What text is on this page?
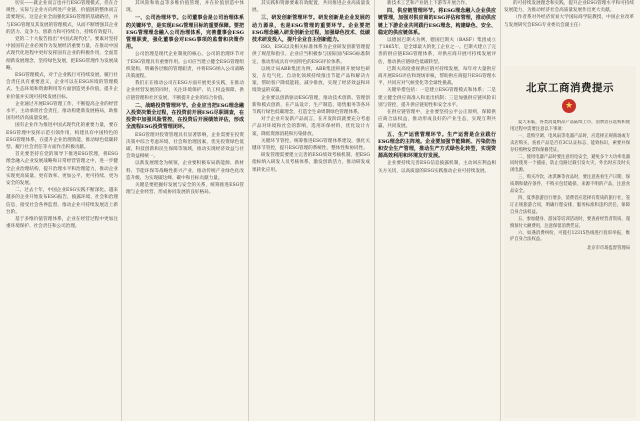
切实——就企业而言也并行ESG管理模式，但在合规性、实际与企业方向所处产业链、价值链的整体而言需要现实。这是企业全面强化ESG管理的基础路径，并与ESG管理及其发展的管理模式，从而不断增强其企业的活力、竞争力、创新力和可持续力，持续有效提升。

党的二十大报告指出“中国式现代化”。要素对坚持中国国有企业必须作为发展经济重要力量，在推动中国式现代化进程中更好发挥国有企业的积极作用，全面贯彻新发展理念，坚持绿色发展，把ESG管理作为发展战略。

ESG管理模式，对于企业践行可持续发展，履行社会责任具有重要意义，企业可以在ESG环境的管理模式、生态环境和资源利用等方面创造更多价值，提升企业价值并实现可持续发展目标。

企业通过开展ESG管理工作，不断提高企业的经营水平，主动承担社会责任，推动构建新发展格局，助推国有经济高质量发展。

国有企业作为推进中国式现代化的重要力量，要在ESG管理中发挥示范引领作用，构建具有中国特色的ESG管理体系，在提升企业治理效能、推动绿色低碳转型、履行社会责任等方面作出积极贡献。

首先要坚持在党的领导下推进ESG管理，将ESG理念融入企业发展战略和日常经营管理之中，进一步健全企业治理结构，提升治理水平和治理能力，推动企业实现更高质量、更有效率、更加公平、更可持续、更为安全的发展。

二、过去十年，中国企业ESG实践不断深化。越来越多的企业开始发布ESG报告，披露环境、社会和治理信息，接受社会各界监督，推动企业可持续发展迈上新台阶。

基于多维价值管理体系，企业在经营过程中更加注重环境保护、社会责任和公司治理。

其风险和收益等多维价值管理，并在价值创造中体现。

一、公司治理环节。公司董事会是公司治理体系的关键环节，是实现ESG管理目标的重要保障。要把ESG管理理念融入公司治理体系，完善董事会ESG管理职责，强化董事会对ESG事项的监督和决策作用。

公司治理是现代企业制度的核心。公司的治理环节对于ESG管理具有重要作用。公司应当建立健全ESG管理组织架构，明确各层级的管理职责，并将ESG纳入公司战略决策流程。

我们正在推动公司在ESG方面开展更多实践，在推动企业经营发展的同时，关注环境保护、员工权益保障、供应链管理和社区发展，不断提升企业的综合价值。

二、战略投资管理环节。企业应当把ESG理念融入投资决策全过程，在投资前开展ESG尽职调查，在投资中加强风险管控，在投资后开展绩效评估，形成全流程ESG投资管理闭环。

ESG管理对投资管理具有显著影响，企业需要在投资决策中综合考虑环境、社会和治理因素，优先投资绿色低碳、科技创新和民生保障等领域，推动实现经济效益与社会效益相统一。

以新发展理念为统领，企业要积极布局新能源、新材料、节能环保等战略性新兴产业，推动传统产业绿色化改造升级，为实现碳达峰、碳中和目标贡献力量。

关键是要把握好发展与安全的关系，统筹推进ESG管理与企业经营，形成协同发展的良好格局。

其实践和资源要素有效配置，共同推进企业高质量发展。

三、研发创新管理环节。研发创新是企业发展的动力源泉，也是ESG管理的重要环节。企业要把ESG理念融入研发创新全过程，加强绿色技术、低碳技术研发投入，提升企业自主创新能力。

ISO、ESG以及相关标准体系为企业研发创新管理提供了规范和指引。企业应当积极参与国际国内ESG标准制定，推动形成具有中国特色的ESG评价体系。

以统计局ABB集团为例，ABB集团积极开展绿色研发，在电气化、自动化领域持续推出节能产品和解决方案，帮助客户降低能耗、减少排放，实现了经济效益和环境效益的双赢。

企业要以创新驱动ESG管理，推动技术创新、管理创新和模式创新，在产品设计、生产制造、销售服务等各环节践行绿色低碳理念，打造全生命周期绿色管理体系。

对于企业开发新产品而言，在开发阶段就要充分考虑产品对环境和社会的影响，选用环保材料，优化设计方案，降低资源消耗和污染排放。

关键环节管控。统筹推进ESG管理体系建设，强化关键环节管控，提升ESG管理的系统性、整体性和协同性。

研发管理需要建立完善的ESG绩效考核机制，把ESG指标纳入研发人员考核体系，激发创新活力，推动研发成果转化应用。

新技术工艺和产业链上下游等开展合作。

四、供应链管理环节。将ESG理念融入企业供应链管理，加强对供应商的ESG评估和管理，推动供应链上下游企业共同践行ESG理念，构建绿色、安全、稳定的供应链体系。

以德国巴斯夫为例，德国巴斯夫（BASF）集团成立于1865年，是全球最大的化工企业之一。巴斯夫建立了完善的供应链ESG管理体系，对供应商开展可持续发展评估，推动供应链绿色低碳转型。

巴斯夫高度重视供应链可持续发展，每年对大量供应商开展ESG评估和现场审核，帮助供应商提升ESG管理水平，共同应对气候变化等全球性挑战。

关键举措包括：一是建立ESG管理模式和体系；二是建立健全供应商准入和退出机制；三是加强供应链风险识别与管控，提升供应链韧性和安全水平。

在供应链管理中，企业要坚持公平公正原则，保障供应商合法权益，推动形成良好的产业生态，实现互利共赢、共同发展。

五、生产运营管理环节。生产运营是企业践行ESG理念的主阵地。企业要加强节能降耗、污染防治和安全生产管理，推动生产方式绿色化转型，实现资源高效利用和环境友好发展。

企业要持续完善ESG信息披露机制，主动回应利益相关方关切，以高质量的ESG实践推动企业可持续发展。

的可持续发展理念和实践，提升企业ESG管理水平和可持续发展能力，为推动经济社会高质量发展作出更大贡献。

（作者系对外经济贸易大学国际商学院教授、中国企业改革与发展研究会ESG专业委员会副主任）

北京工商消费提示
★

夏天来临，各类消夏纳凉产品陆续上市，消费者在选购和使用过程中需要注意以下事项：

一、选购空调、电风扇等电器产品时，应选择正规商场或专卖店购买，查看产品是否有3C认证标志、能效标识，索要并保存好购物发票和保修凭证。

二、使用电器产品时要注意用电安全，避免多个大功率电器同时使用一个插座，防止电路过载引发火灾，外出时应及时关闭电源。

三、购买冷饮、冰淇淋等食品时，要注意查看生产日期、保质期和储存条件，不购买包装破损、来源不明的产品，注意食品安全。

四、夏季旅游出行增多，消费者应选择有资质的旅行社，签订正规旅游合同，明确行程安排、服务标准和违约责任，保障自身合法权益。

五、参加健身、游泳等培训活动时，要查看经营者资质，谨慎预付大额费用，注意保留消费凭证。

六、如遇消费纠纷，可拨打12315热线进行投诉举报，维护自身合法权益。

北京市市场监督管理局
